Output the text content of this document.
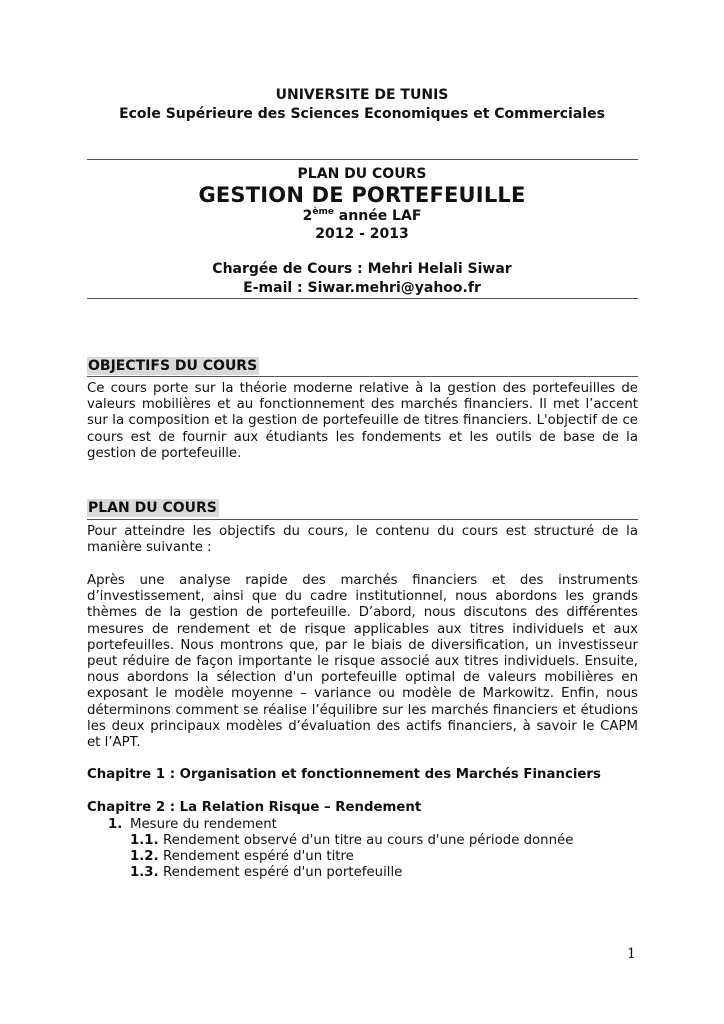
UNIVERSITE DE TUNIS
Ecole Supérieure des Sciences Economiques et Commerciales
PLAN DU COURS
GESTION DE PORTEFEUILLE
2ème année LAF
2012 - 2013
Chargée de Cours : Mehri Helali Siwar
E-mail : Siwar.mehri@yahoo.fr
OBJECTIFS DU COURS
Ce cours porte sur la théorie moderne relative à la gestion des portefeuilles de valeurs mobilières et au fonctionnement des marchés financiers. Il met l’accent sur la composition et la gestion de portefeuille de titres financiers. L'objectif de ce cours est de fournir aux étudiants les fondements et les outils de base de la gestion de portefeuille.
PLAN DU COURS
Pour atteindre les objectifs du cours, le contenu du cours est structuré de la manière suivante :
Après une analyse rapide des marchés financiers et des instruments d’investissement, ainsi que du cadre institutionnel, nous abordons les grands thèmes de la gestion de portefeuille. D’abord, nous discutons des différentes mesures de rendement et de risque applicables aux titres individuels et aux portefeuilles. Nous montrons que, par le biais de diversification, un investisseur peut réduire de façon importante le risque associé aux titres individuels. Ensuite, nous abordons la sélection d'un portefeuille optimal de valeurs mobilières en exposant le modèle moyenne – variance ou modèle de Markowitz. Enfin, nous déterminons comment se réalise l’équilibre sur les marchés financiers et étudions les deux principaux modèles d’évaluation des actifs financiers, à savoir le CAPM et l’APT.
Chapitre 1 : Organisation et fonctionnement des Marchés Financiers
Chapitre 2 : La Relation Risque – Rendement
1. Mesure du rendement
1.1. Rendement observé d'un titre au cours d'une période donnée
1.2. Rendement espéré d'un titre
1.3. Rendement espéré d'un portefeuille
1
